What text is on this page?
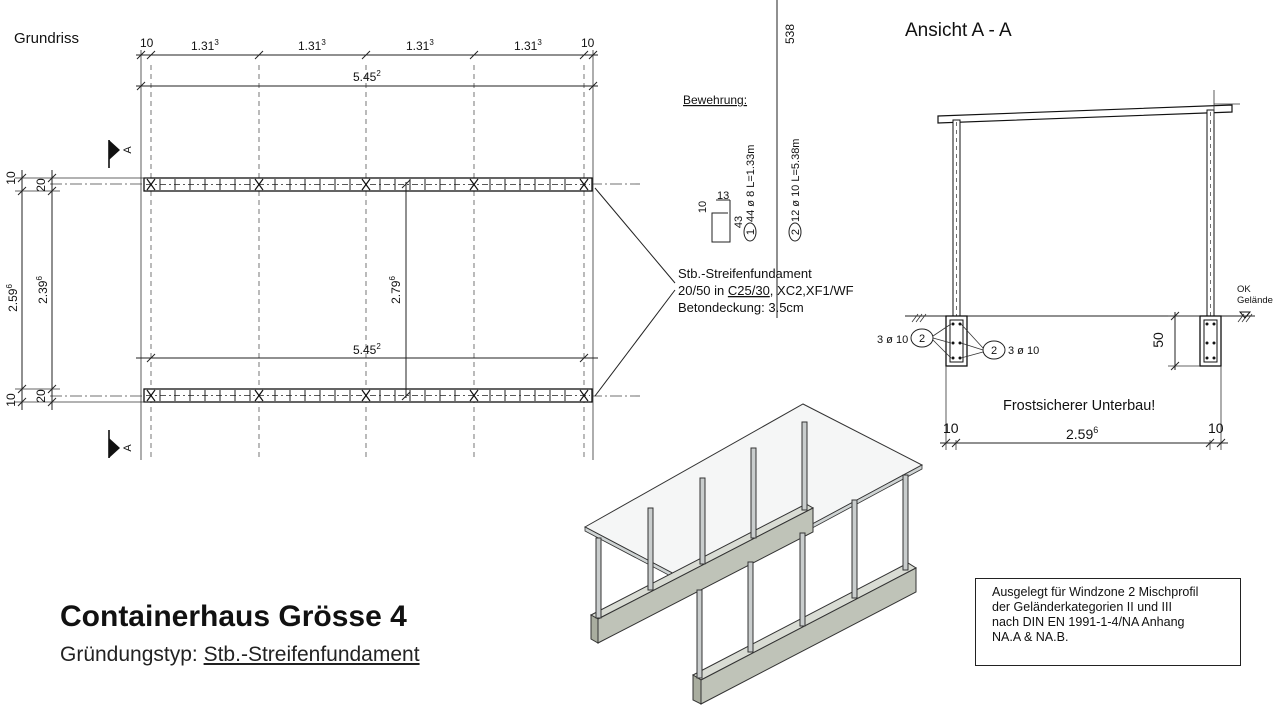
Grundriss	10	10
1.31$^3$	1.31$^3$	1.31$^3$	1.31$^3$
5.45$^2$
A
A
5.45$^2$
2.79$^6$
10
20
2.59$^6$	2.39$^6$
10 20
Bewehrung:
538
13
10
43
1
44 ø 8 L=1.33m
2
12 ø 10 L=5.38m
Stb.-Streifenfundament
20/50 in C25/30, XC2,XF1/WF
Betondeckung: 3.5cm
Ansicht A - A
OK
Gelände
3 ø 10 2
2 3 ø 10
50
Frostsicherer Unterbau!
10	2.59$^6$	10
Containerhaus Grösse 4
Gründungstyp: Stb.-Streifenfundament
Ausgelegt für Windzone 2 Mischprofil
der Geländerkategorien II und III
nach DIN EN 1991-1-4/NA Anhang
NA.A & NA.B.
